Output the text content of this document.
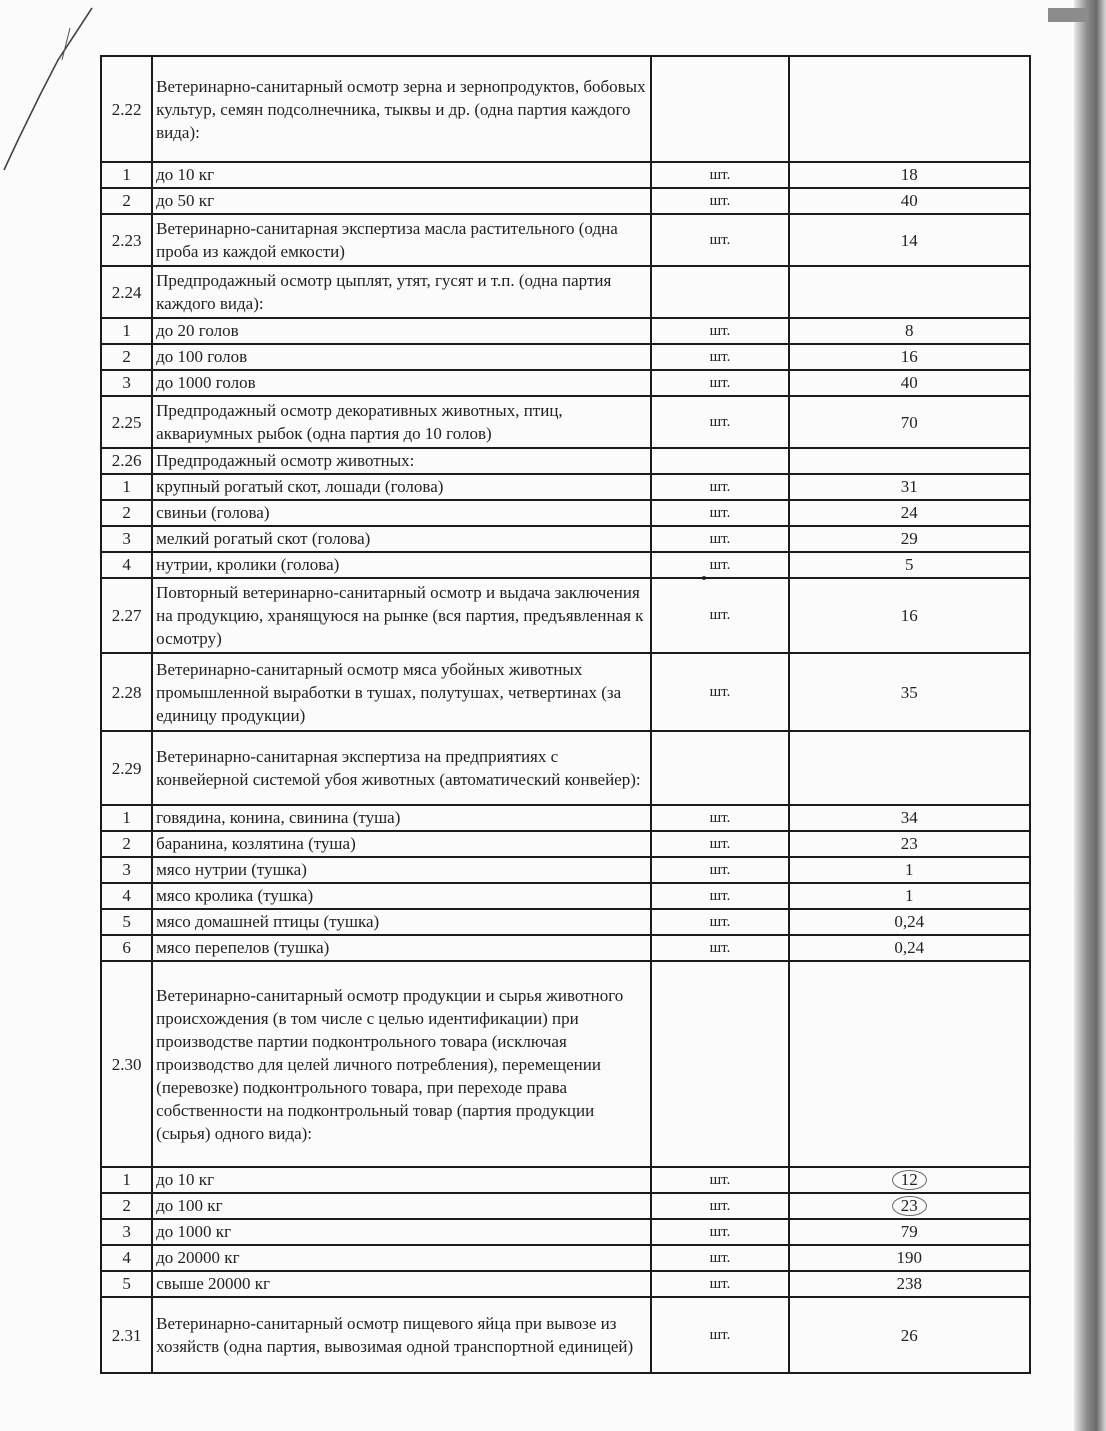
2.22	Ветеринарно-санитарный осмотр зерна и зернопродуктов, бобовых культур, семян подсолнечника, тыквы и др. (одна партия каждого вида):		
1	до 10 кг	шт.	18
2	до 50 кг	шт.	40
2.23	Ветеринарно-санитарная экспертиза масла растительного (одна проба из каждой емкости)	шт.	14
2.24	Предпродажный осмотр цыплят, утят, гусят и т.п. (одна партия каждого вида):		
1	до 20 голов	шт.	8
2	до 100 голов	шт.	16
3	до 1000 голов	шт.	40
2.25	Предпродажный осмотр декоративных животных, птиц, аквариумных рыбок (одна партия до 10 голов)	шт.	70
2.26	Предпродажный осмотр животных:		
1	крупный рогатый скот, лошади (голова)	шт.	31
2	свиньи (голова)	шт.	24
3	мелкий рогатый скот (голова)	шт.	29
4	нутрии, кролики (голова)	шт.	5
2.27	Повторный ветеринарно-санитарный осмотр и выдача заключения на продукцию, хранящуюся на рынке (вся партия, предъявленная к осмотру)	шт.	16
2.28	Ветеринарно-санитарный осмотр мяса убойных животных промышленной выработки в тушах, полутушах, четвертинах (за единицу продукции)	шт.	35
2.29	Ветеринарно-санитарная экспертиза на предприятиях с конвейерной системой убоя животных (автоматический конвейер):		
1	говядина, конина, свинина (туша)	шт.	34
2	баранина, козлятина (туша)	шт.	23
3	мясо нутрии (тушка)	шт.	1
4	мясо кролика (тушка)	шт.	1
5	мясо домашней птицы (тушка)	шт.	0,24
6	мясо перепелов (тушка)	шт.	0,24
2.30	Ветеринарно-санитарный осмотр продукции и сырья животного происхождения (в том числе с целью идентификации) при производстве партии подконтрольного товара (исключая производство для целей личного потребления), перемещении (перевозке) подконтрольного товара, при переходе права собственности на подконтрольный товар (партия продукции (сырья) одного вида):		
1	до 10 кг	шт.	12
2	до 100 кг	шт.	23
3	до 1000 кг	шт.	79
4	до 20000 кг	шт.	190
5	свыше 20000 кг	шт.	238
2.31	Ветеринарно-санитарный осмотр пищевого яйца при вывозе из хозяйств (одна партия, вывозимая одной транспортной единицей)	шт.	26
